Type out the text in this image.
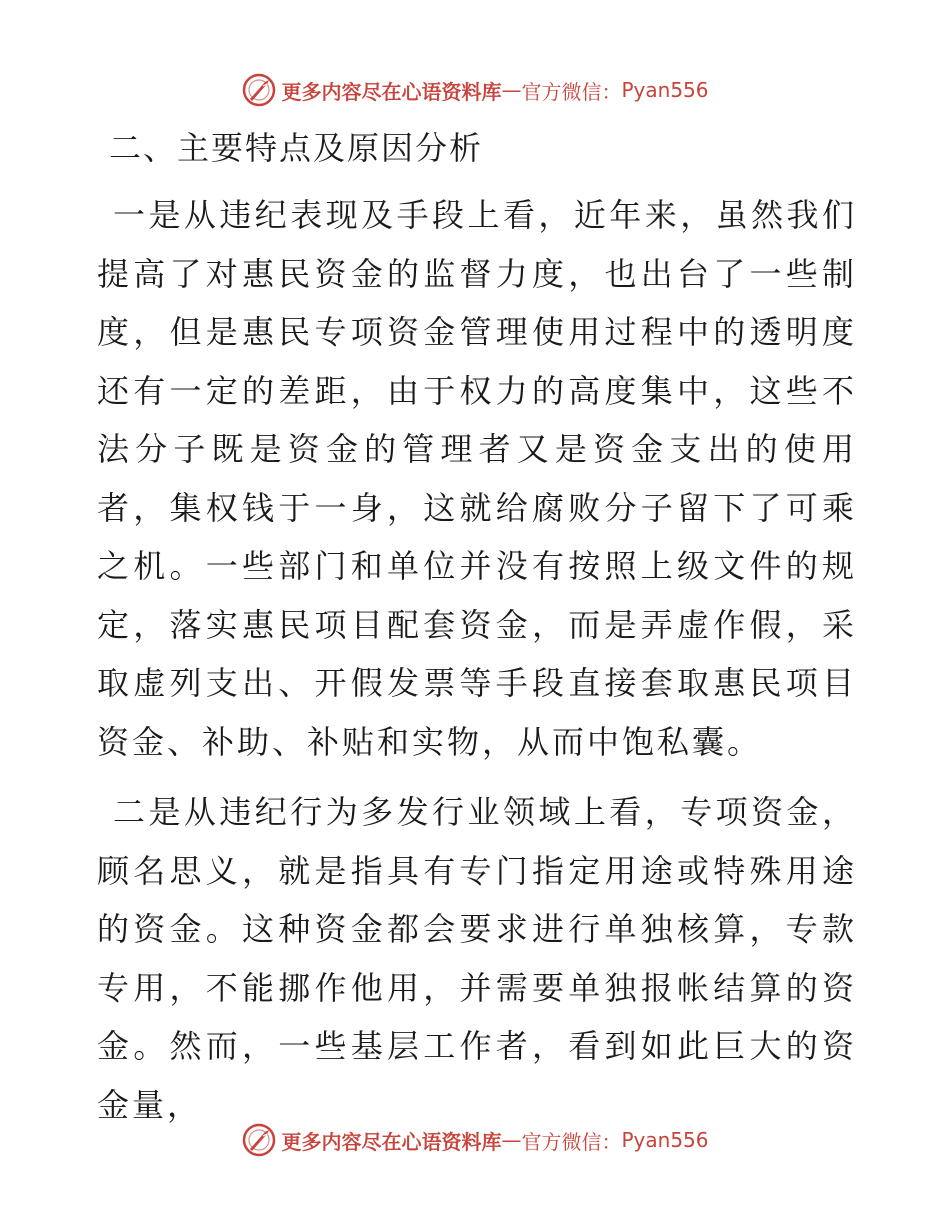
更多内容尽在心语资料库 — 官方微信： Pyan556
二、主要特点及原因分析

一是从违纪表现及手段上看，近年来，虽然我们提高了对惠民资金的监督力度，也出台了一些制度，但是惠民专项资金管理使用过程中的透明度还有一定的差距，由于权力的高度集中，这些不法分子既是资金的管理者又是资金支出的使用者，集权钱于一身，这就给腐败分子留下了可乘之机。一些部门和单位并没有按照上级文件的规定，落实惠民项目配套资金，而是弄虚作假，采取虚列支出、开假发票等手段直接套取惠民项目资金、补助、补贴和实物，从而中饱私囊。

二是从违纪行为多发行业领域上看，专项资金，顾名思义，就是指具有专门指定用途或特殊用途的资金。这种资金都会要求进行单独核算，专款专用，不能挪作他用，并需要单独报帐结算的资金。然而，一些基层工作者，看到如此巨大的资金量，

更多内容尽在心语资料库 — 官方微信： Pyan556
